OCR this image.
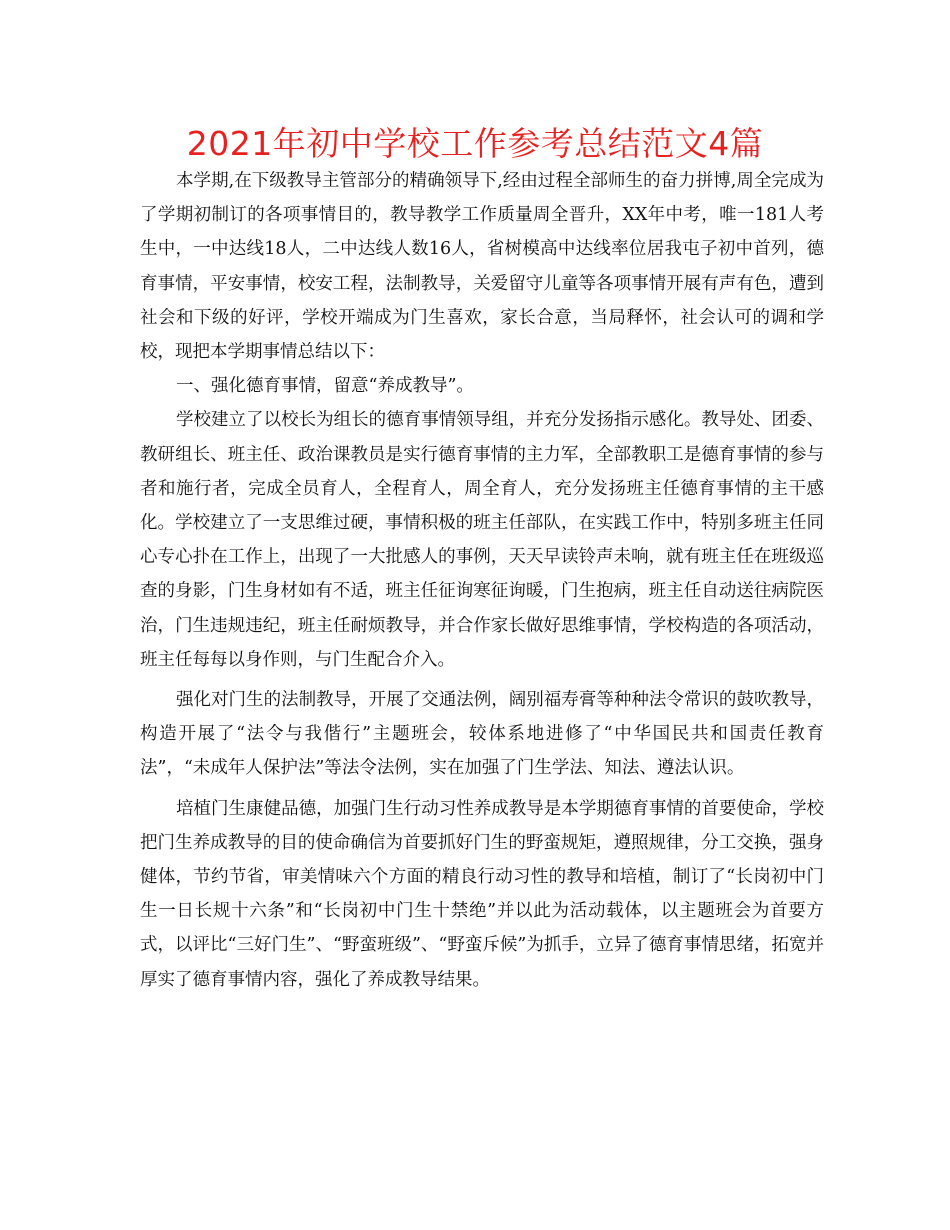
2021年初中学校工作参考总结范文4篇

本学期,在下级教导主管部分的精确领导下,经由过程全部师生的奋力拼博,周全完成为了学期初制订的各项事情目的，教导教学工作质量周全晋升，XX年中考，唯一181人考生中，一中达线18人，二中达线人数16人，省树模高中达线率位居我屯子初中首列，德育事情，平安事情，校安工程，法制教导，关爱留守儿童等各项事情开展有声有色，遭到社会和下级的好评，学校开端成为门生喜欢，家长合意，当局释怀，社会认可的调和学校，现把本学期事情总结以下：

一、强化德育事情，留意“养成教导”。

学校建立了以校长为组长的德育事情领导组，并充分发扬指示感化。教导处、团委、教研组长、班主任、政治课教员是实行德育事情的主力军，全部教职工是德育事情的参与者和施行者，完成全员育人，全程育人，周全育人，充分发扬班主任德育事情的主干感化。学校建立了一支思维过硬，事情积极的班主任部队，在实践工作中，特别多班主任同心专心扑在工作上，出现了一大批感人的事例，天天早读铃声未响，就有班主任在班级巡查的身影，门生身材如有不适，班主任征询寒征询暖，门生抱病，班主任自动送往病院医治，门生违规违纪，班主任耐烦教导，并合作家长做好思维事情，学校构造的各项活动，班主任每每以身作则，与门生配合介入。

强化对门生的法制教导，开展了交通法例，阔别福寿膏等种种法令常识的鼓吹教导，构造开展了“法令与我偕行”主题班会，较体系地进修了“中华国民共和国责任教育法”，“未成年人保护法”等法令法例，实在加强了门生学法、知法、遵法认识。

培植门生康健品德，加强门生行动习性养成教导是本学期德育事情的首要使命，学校把门生养成教导的目的使命确信为首要抓好门生的野蛮规矩，遵照规律，分工交换，强身健体，节约节省，审美情味六个方面的精良行动习性的教导和培植，制订了“长岗初中门生一日长规十六条”和“长岗初中门生十禁绝”并以此为活动载体，以主题班会为首要方式，以评比“三好门生”、“野蛮班级”、“野蛮斥候”为抓手，立异了德育事情思绪，拓宽并厚实了德育事情内容，强化了养成教导结果。
